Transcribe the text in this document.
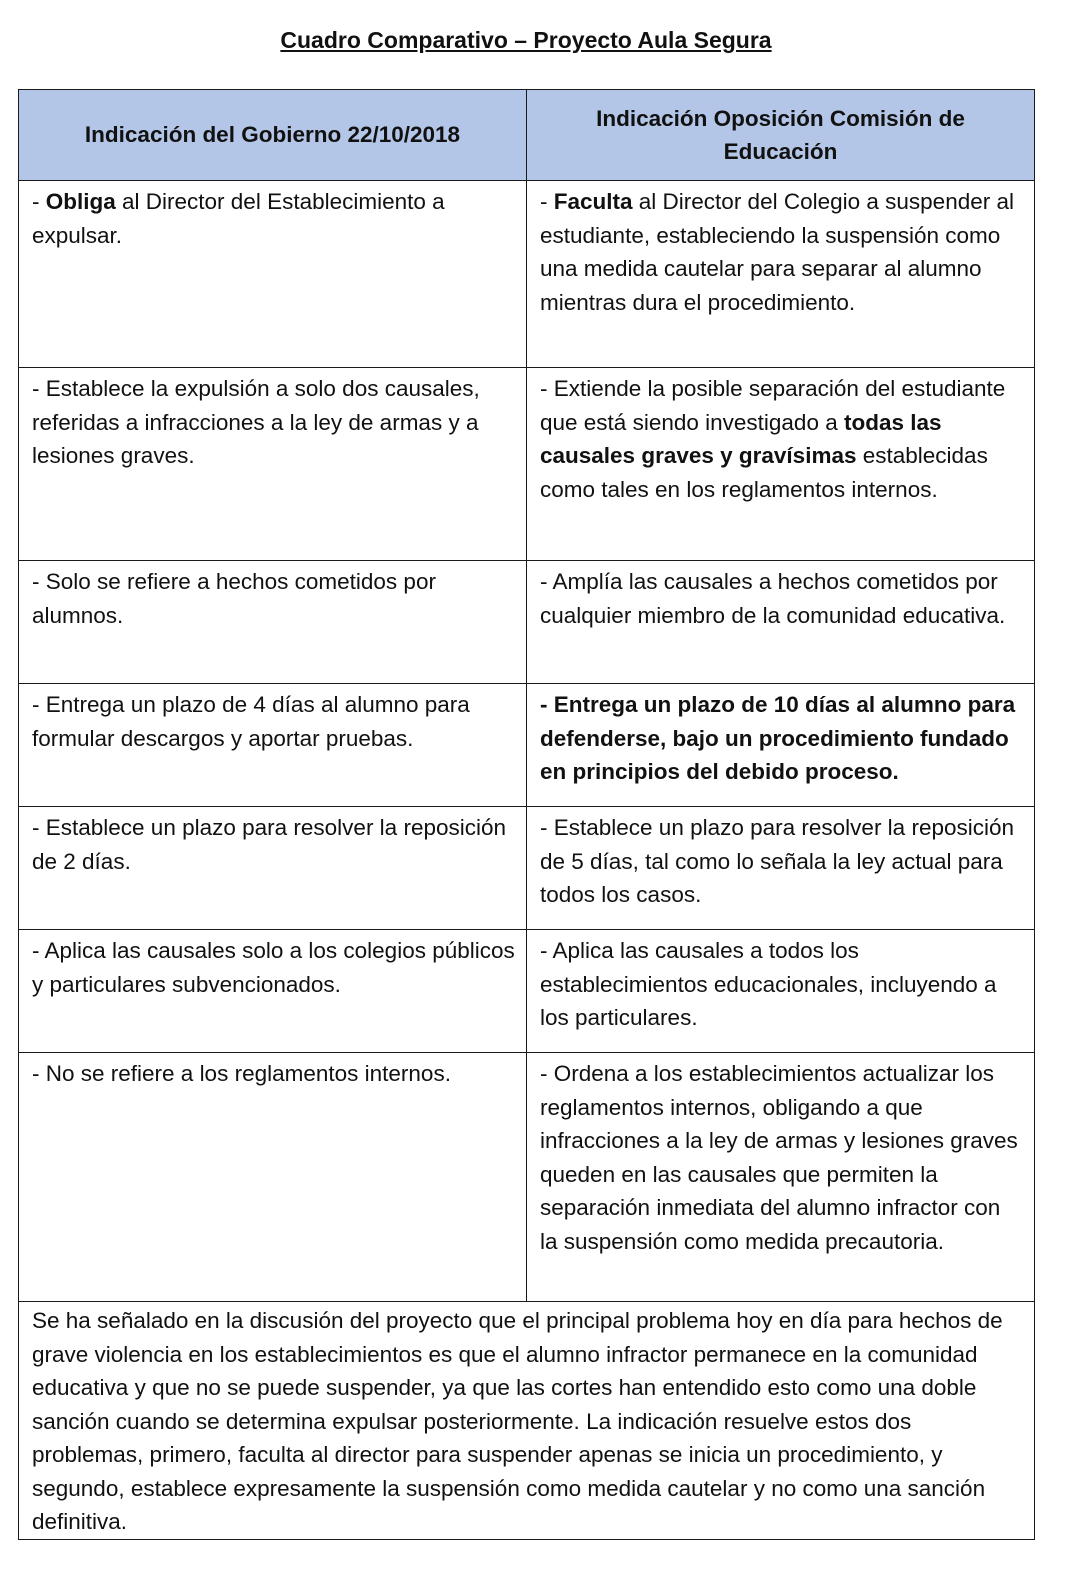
Cuadro Comparativo – Proyecto Aula Segura
Indicación del Gobierno 22/10/2018	Indicación Oposición Comisión de Educación
- Obliga al Director del Establecimiento a expulsar.	- Faculta al Director del Colegio a suspender al estudiante, estableciendo la suspensión como una medida cautelar para separar al alumno mientras dura el procedimiento.
- Establece la expulsión a solo dos causales, referidas a infracciones a la ley de armas y a lesiones graves.	- Extiende la posible separación del estudiante que está siendo investigado a todas las causales graves y gravísimas establecidas como tales en los reglamentos internos.
- Solo se refiere a hechos cometidos por alumnos.	- Amplía las causales a hechos cometidos por cualquier miembro de la comunidad educativa.
- Entrega un plazo de 4 días al alumno para formular descargos y aportar pruebas.	- Entrega un plazo de 10 días al alumno para defenderse, bajo un procedimiento fundado en principios del debido proceso.
- Establece un plazo para resolver la reposición de 2 días.	- Establece un plazo para resolver la reposición de 5 días, tal como lo señala la ley actual para todos los casos.
- Aplica las causales solo a los colegios públicos y particulares subvencionados.	- Aplica las causales a todos los establecimientos educacionales, incluyendo a los particulares.
- No se refiere a los reglamentos internos.	- Ordena a los establecimientos actualizar los reglamentos internos, obligando a que infracciones a la ley de armas y lesiones graves queden en las causales que permiten la separación inmediata del alumno infractor con la suspensión como medida precautoria.
Se ha señalado en la discusión del proyecto que el principal problema hoy en día para hechos de grave violencia en los establecimientos es que el alumno infractor permanece en la comunidad educativa y que no se puede suspender, ya que las cortes han entendido esto como una doble sanción cuando se determina expulsar posteriormente. La indicación resuelve estos dos problemas, primero, faculta al director para suspender apenas se inicia un procedimiento, y segundo, establece expresamente la suspensión como medida cautelar y no como una sanción definitiva.	
